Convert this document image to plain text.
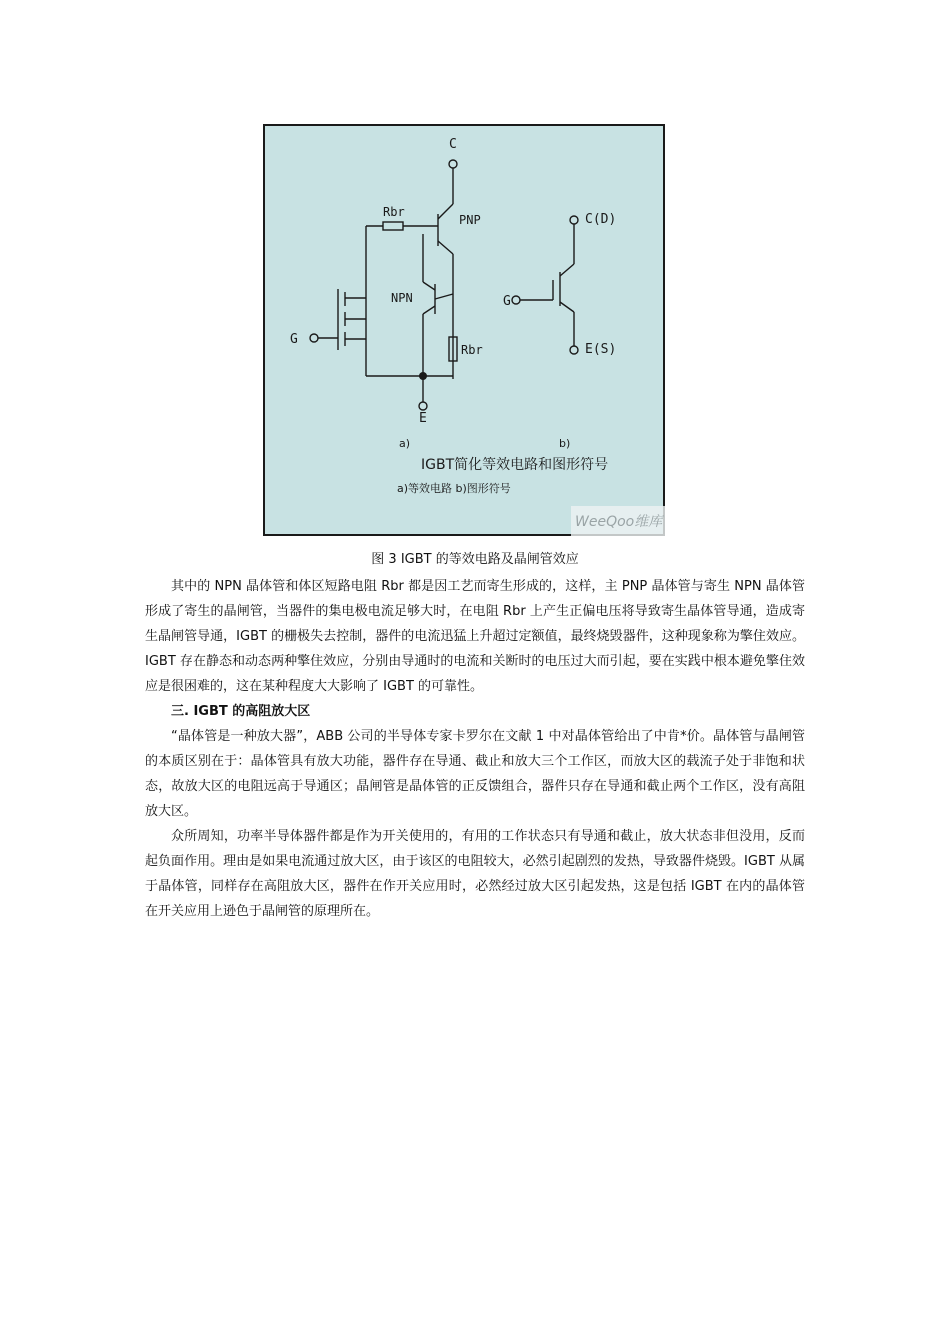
C
Rbr
PNP
NPN
G
Rbr
E
C(D)
G
E(S)
a)	b)
IGBT简化等效电路和图形符号
a)等效电路 b)图形符号
WeeQoo维库
图 3 IGBT 的等效电路及晶闸管效应

其中的 NPN 晶体管和体区短路电阻 Rbr 都是因工艺而寄生形成的，这样，主 PNP 晶体管与寄生 NPN 晶体管形成了寄生的晶闸管，当器件的集电极电流足够大时，在电阻 Rbr 上产生正偏电压将导致寄生晶体管导通，造成寄生晶闸管导通，IGBT 的栅极失去控制，器件的电流迅猛上升超过定额值，最终烧毁器件，这种现象称为擎住效应。IGBT 存在静态和动态两种擎住效应，分别由导通时的电流和关断时的电压过大而引起，要在实践中根本避免擎住效应是很困难的，这在某种程度大大影响了 IGBT 的可靠性。

三. IGBT 的高阻放大区

“晶体管是一种放大器”，ABB 公司的半导体专家卡罗尔在文献 1 中对晶体管给出了中肯*价。晶体管与晶闸管的本质区别在于：晶体管具有放大功能，器件存在导通、截止和放大三个工作区，而放大区的载流子处于非饱和状态，故放大区的电阻远高于导通区；晶闸管是晶体管的正反馈组合，器件只存在导通和截止两个工作区，没有高阻放大区。

众所周知，功率半导体器件都是作为开关使用的，有用的工作状态只有导通和截止，放大状态非但没用，反而起负面作用。理由是如果电流通过放大区，由于该区的电阻较大，必然引起剧烈的发热，导致器件烧毁。IGBT 从属于晶体管，同样存在高阻放大区，器件在作开关应用时，必然经过放大区引起发热，这是包括 IGBT 在内的晶体管在开关应用上逊色于晶闸管的原理所在。
